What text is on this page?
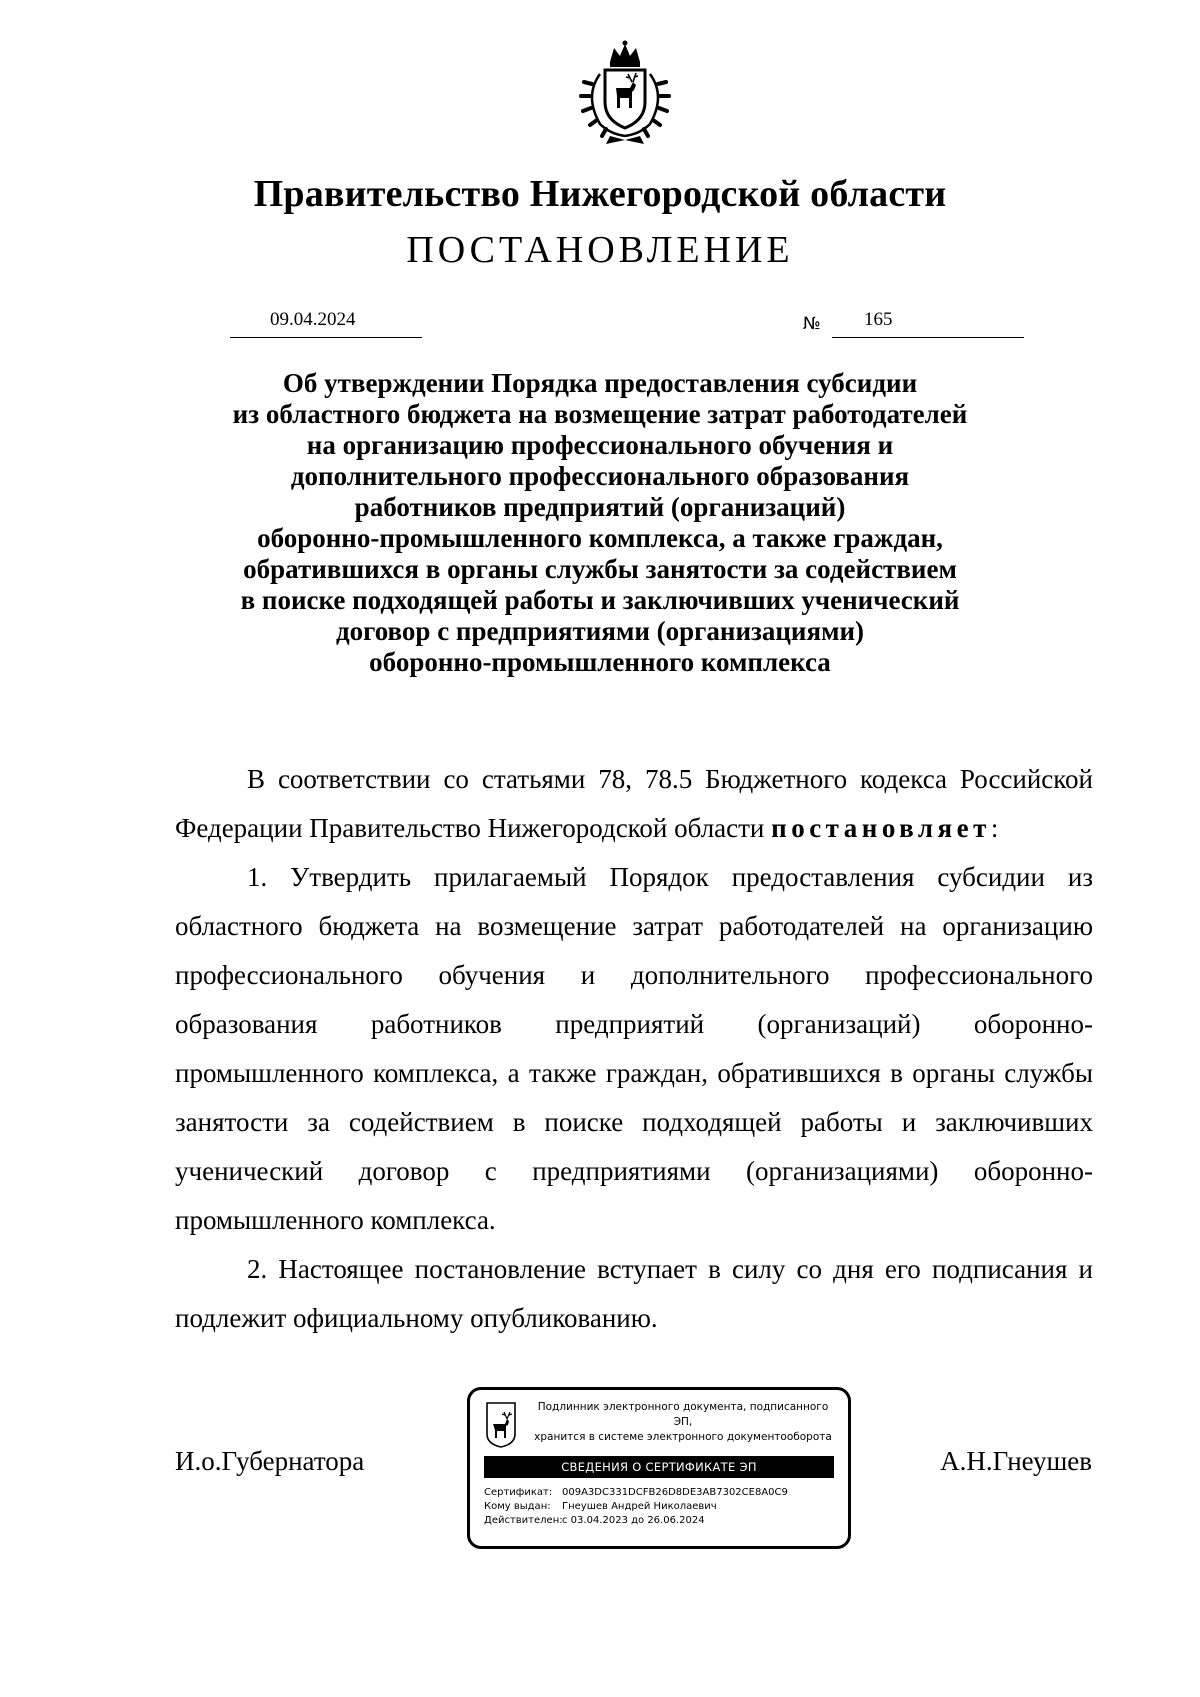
Правительство Нижегородской области
ПОСТАНОВЛЕНИЕ
09.04.2024	№ 165
Об утверждении Порядка предоставления субсидии
из областного бюджета на возмещение затрат работодателей
на организацию профессионального обучения и
дополнительного профессионального образования
работников предприятий (организаций)
оборонно-промышленного комплекса, а также граждан,
обратившихся в органы службы занятости за содействием
в поиске подходящей работы и заключивших ученический
договор с предприятиями (организациями)
оборонно-промышленного комплекса

В соответствии со статьями 78, 78.5 Бюджетного кодекса Российской Федерации Правительство Нижегородской области постановляет:

1. Утвердить прилагаемый Порядок предоставления субсидии из областного бюджета на возмещение затрат работодателей на организацию профессионального обучения и дополнительного профессионального образования работников предприятий (организаций) оборонно-промышленного комплекса, а также граждан, обратившихся в органы службы занятости за содействием в поиске подходящей работы и заключивших ученический договор с предприятиями (организациями) оборонно-промышленного комплекса.

2. Настоящее постановление вступает в силу со дня его подписания и подлежит официальному опубликованию.

И.о.Губернатора	А.Н.Гнеушев
Подлинник электронного документа, подписанного ЭП,
хранится в системе электронного документооборота
СВЕДЕНИЯ О СЕРТИФИКАТЕ ЭП
Сертификат: 009A3DC331DCFB26D8DE3AB7302CE8A0C9
Кому выдан: Гнеушев Андрей Николаевич
Действителен:с 03.04.2023 до 26.06.2024
